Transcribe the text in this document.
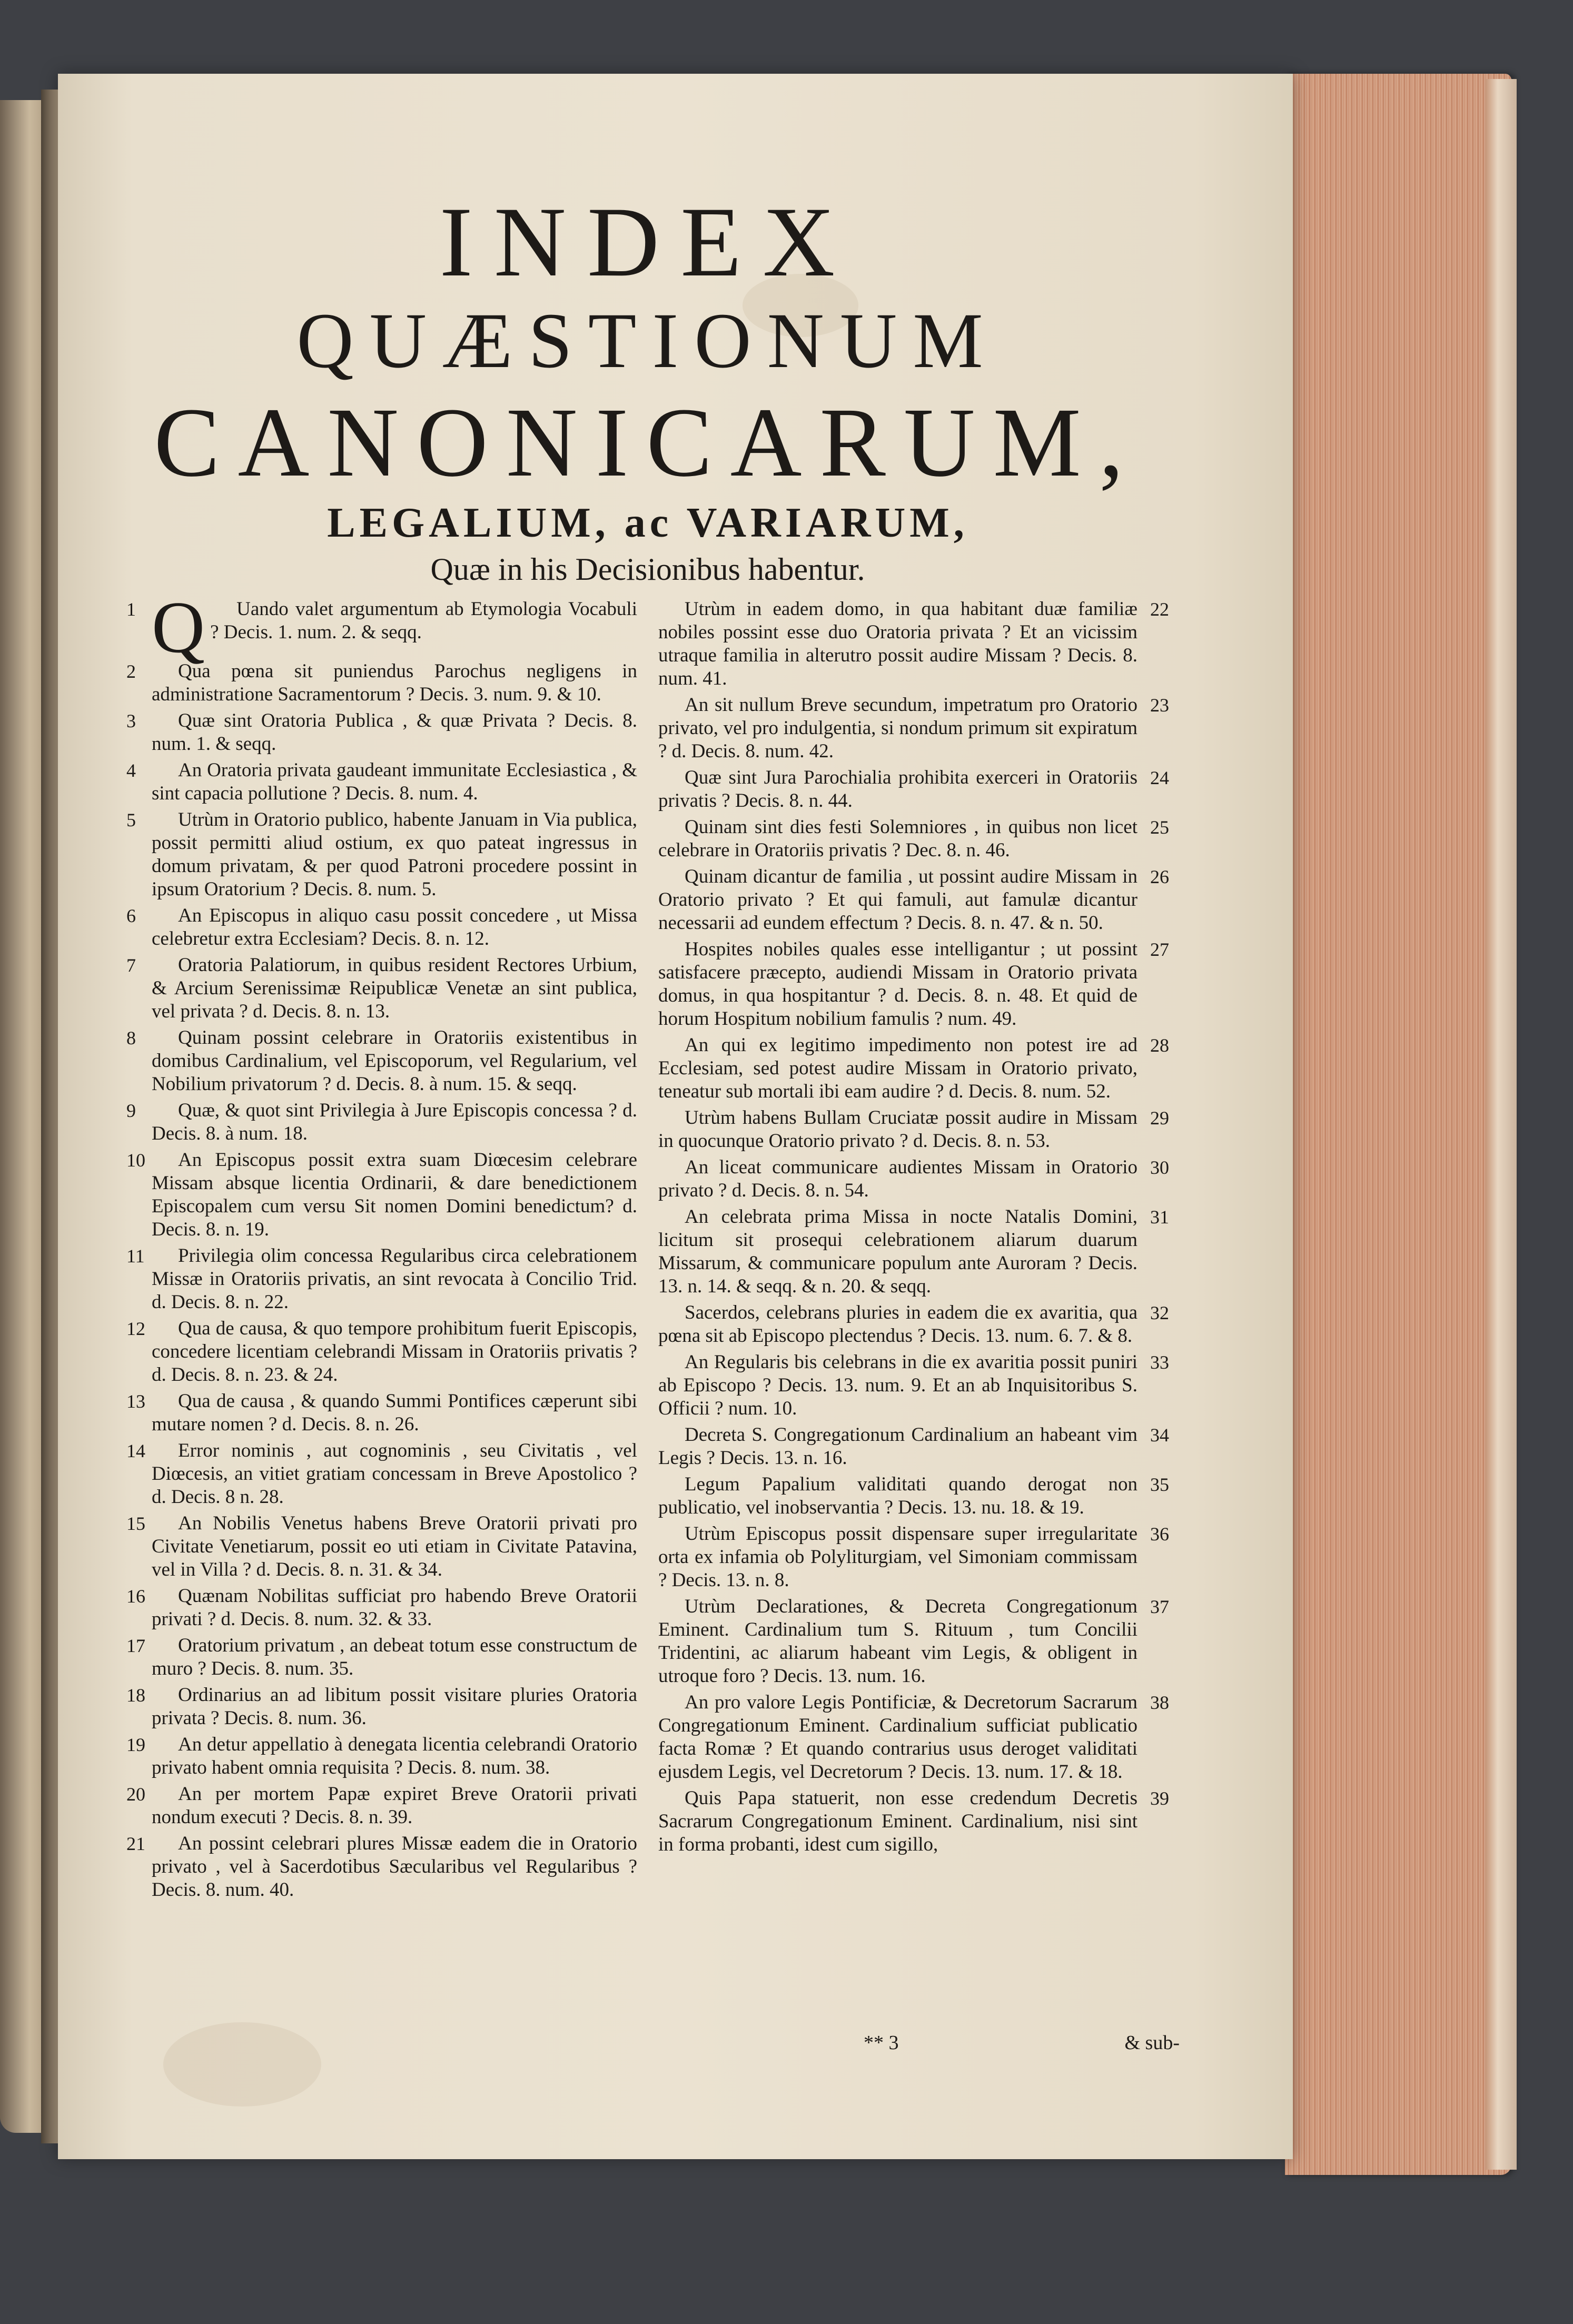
INDEX
QUÆSTIONUM
CANONICARUM,
LEGALIUM, ac VARIARUM,

Quæ in his Decisionibus habentur.

1 Q Uando valet argumentum ab Etymologia Vocabuli ? Decis. 1. num. 2. & seqq.
2	Qua pœna sit puniendus Parochus negligens in administratione Sacramentorum ? Decis. 3. num. 9. & 10.
3	Quæ sint Oratoria Publica , & quæ Privata ? Decis. 8. num. 1. & seqq.
4	An Oratoria privata gaudeant immunitate Ecclesiastica , & sint capacia pollutione ? Decis. 8. num. 4.
5	Utrùm in Oratorio publico, habente Januam in Via publica, possit permitti aliud ostium, ex quo pateat ingressus in domum privatam, & per quod Patroni procedere possint in ipsum Oratorium ? Decis. 8. num. 5.
6	An Episcopus in aliquo casu possit concedere , ut Missa celebretur extra Ecclesiam? Decis. 8. n. 12.
7	Oratoria Palatiorum, in quibus resident Rectores Urbium, & Arcium Serenissimæ Reipublicæ Venetæ an sint publica, vel privata ? d. Decis. 8. n. 13.
8	Quinam possint celebrare in Oratoriis existentibus in domibus Cardinalium, vel Episcoporum, vel Regularium, vel Nobilium privatorum ? d. Decis. 8. à num. 15. & seqq.
9	Quæ, & quot sint Privilegia à Jure Episcopis concessa ? d. Decis. 8. à num. 18.
10	An Episcopus possit extra suam Diœcesim celebrare Missam absque licentia Ordinarii, & dare benedictionem Episcopalem cum versu Sit nomen Domini benedictum? d. Decis. 8. n. 19.
11	Privilegia olim concessa Regularibus circa celebrationem Missæ in Oratoriis privatis, an sint revocata à Concilio Trid. d. Decis. 8. n. 22.
12	Qua de causa, & quo tempore prohibitum fuerit Episcopis, concedere licentiam celebrandi Missam in Oratoriis privatis ? d. Decis. 8. n. 23. & 24.
13	Qua de causa , & quando Summi Pontifices cæperunt sibi mutare nomen ? d. Decis. 8. n. 26.
14	Error nominis , aut cognominis , seu Civitatis , vel Diœcesis, an vitiet gratiam concessam in Breve Apostolico ? d. Decis. 8 n. 28.
15	An Nobilis Venetus habens Breve Oratorii privati pro Civitate Venetiarum, possit eo uti etiam in Civitate Patavina, vel in Villa ? d. Decis. 8. n. 31. & 34.
16	Quænam Nobilitas sufficiat pro habendo Breve Oratorii privati ? d. Decis. 8. num. 32. & 33.
17	Oratorium privatum , an debeat totum esse constructum de muro ? Decis. 8. num. 35.
18	Ordinarius an ad libitum possit visitare pluries Oratoria privata ? Decis. 8. num. 36.
19	An detur appellatio à denegata licentia celebrandi Oratorio privato habent omnia requisita ? Decis. 8. num. 38.
20	An per mortem Papæ expiret Breve Oratorii privati nondum executi ? Decis. 8. n. 39.
21	An possint celebrari plures Missæ eadem die in Oratorio privato , vel à Sacerdotibus Sæcularibus vel Regularibus ? Decis. 8. num. 40.
22
Utrùm in eadem domo, in qua habitant duæ familiæ nobiles possint esse duo Oratoria privata ? Et an vicissim utraque familia in alterutro possit audire Missam ? Decis. 8. num. 41.
23
An sit nullum Breve secundum, impetratum pro Oratorio privato, vel pro indulgentia, si nondum primum sit expiratum ? d. Decis. 8. num. 42.
24
Quæ sint Jura Parochialia prohibita exerceri in Oratoriis privatis ? Decis. 8. n. 44.
25
Quinam sint dies festi Solemniores , in quibus non licet celebrare in Oratoriis privatis ? Dec. 8. n. 46.
26
Quinam dicantur de familia , ut possint audire Missam in Oratorio privato ? Et qui famuli, aut famulæ dicantur necessarii ad eundem effectum ? Decis. 8. n. 47. & n. 50.
27
Hospites nobiles quales esse intelligantur ; ut possint satisfacere præcepto, audiendi Missam in Oratorio privata domus, in qua hospitantur ? d. Decis. 8. n. 48. Et quid de horum Hospitum nobilium famulis ? num. 49.
28
An qui ex legitimo impedimento non potest ire ad Ecclesiam, sed potest audire Missam in Oratorio privato, teneatur sub mortali ibi eam audire ? d. Decis. 8. num. 52.
29
Utrùm habens Bullam Cruciatæ possit audire in Missam in quocunque Oratorio privato ? d. Decis. 8. n. 53.
30
An liceat communicare audientes Missam in Oratorio privato ? d. Decis. 8. n. 54.
31
An celebrata prima Missa in nocte Natalis Domini, licitum sit prosequi celebrationem aliarum duarum Missarum, & communicare populum ante Auroram ? Decis. 13. n. 14. & seqq. & n. 20. & seqq.
32
Sacerdos, celebrans pluries in eadem die ex avaritia, qua pœna sit ab Episcopo plectendus ? Decis. 13. num. 6. 7. & 8.
33
An Regularis bis celebrans in die ex avaritia possit puniri ab Episcopo ? Decis. 13. num. 9. Et an ab Inquisitoribus S. Officii ? num. 10.
34
Decreta S. Congregationum Cardinalium an habeant vim Legis ? Decis. 13. n. 16.
35
Legum Papalium validitati quando derogat non publicatio, vel inobservantia ? Decis. 13. nu. 18. & 19.
36
Utrùm Episcopus possit dispensare super irregularitate orta ex infamia ob Polyliturgiam, vel Simoniam commissam ? Decis. 13. n. 8.
37
Utrùm Declarationes, & Decreta Congregationum Eminent. Cardinalium tum S. Rituum , tum Concilii Tridentini, ac aliarum habeant vim Legis, & obligent in utroque foro ? Decis. 13. num. 16.
38
An pro valore Legis Pontificiæ, & Decretorum Sacrarum Congregationum Eminent. Cardinalium sufficiat publicatio facta Romæ ? Et quando contrarius usus deroget validitati ejusdem Legis, vel Decretorum ? Decis. 13. num. 17. & 18.
39
Quis Papa statuerit, non esse credendum Decretis Sacrarum Congregationum Eminent. Cardinalium, nisi sint in forma probanti, idest cum sigillo,
** 3	& sub-
